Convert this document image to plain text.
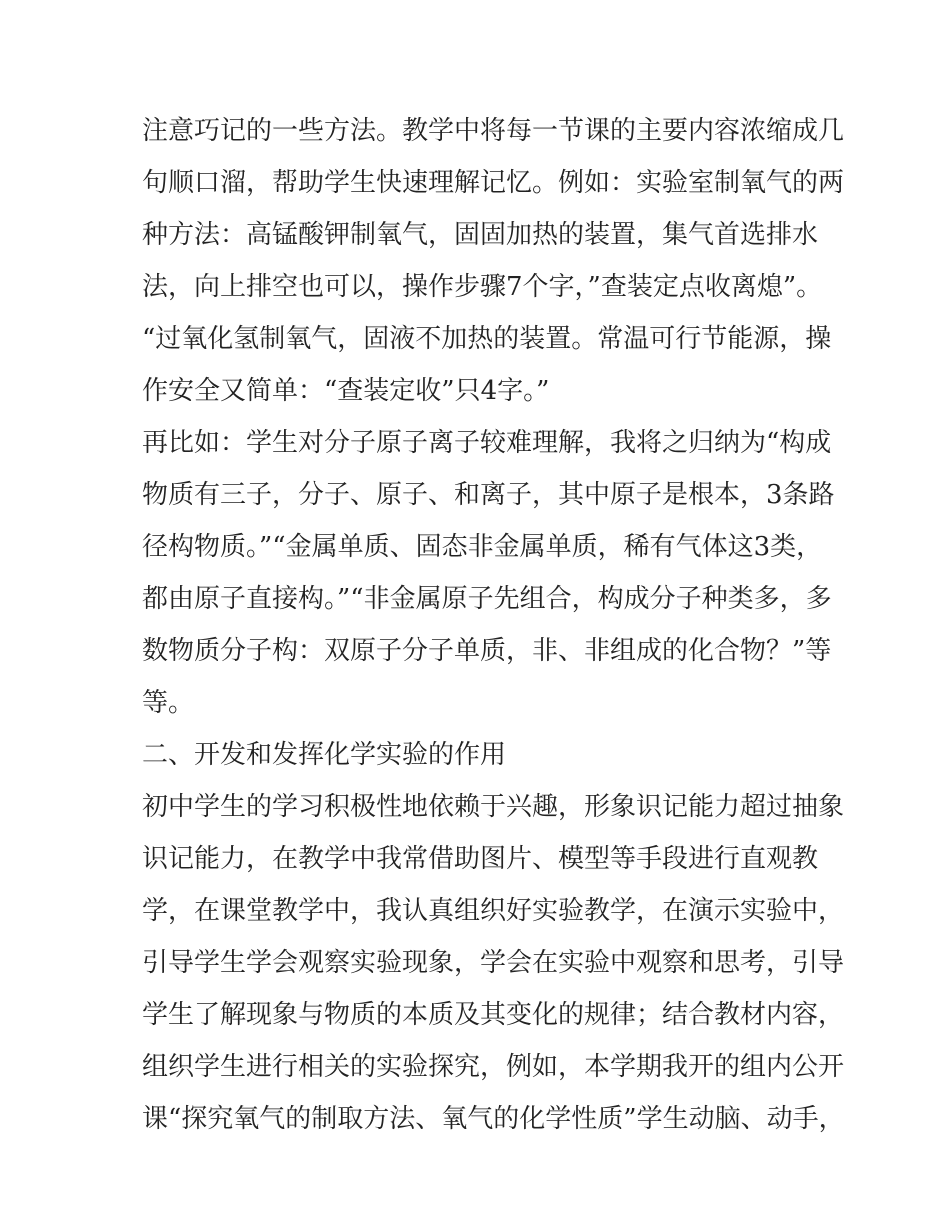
注意巧记的一些方法。教学中将每一节课的主要内容浓缩成几
句顺口溜，帮助学生快速理解记忆。例如：实验室制氧气的两
种方法：高锰酸钾制氧气，固固加热的装置，集气首选排水
法，向上排空也可以，操作步骤7个字，”查装定点收离熄”。
“过氧化氢制氧气，固液不加热的装置。常温可行节能源，操
作安全又简单：“查装定收”只4字。”
再比如：学生对分子原子离子较难理解，我将之归纳为“构成
物质有三子，分子、原子、和离子，其中原子是根本，3条路
径构物质。”“金属单质、固态非金属单质，稀有气体这3类，
都由原子直接构。”“非金属原子先组合，构成分子种类多，多
数物质分子构：双原子分子单质，非、非组成的化合物？”等
等。
二、开发和发挥化学实验的作用
初中学生的学习积极性地依赖于兴趣，形象识记能力超过抽象
识记能力，在教学中我常借助图片、模型等手段进行直观教
学，在课堂教学中，我认真组织好实验教学，在演示实验中，
引导学生学会观察实验现象，学会在实验中观察和思考，引导
学生了解现象与物质的本质及其变化的规律；结合教材内容，
组织学生进行相关的实验探究，例如，本学期我开的组内公开
课“探究氧气的制取方法、氧气的化学性质”学生动脑、动手，
